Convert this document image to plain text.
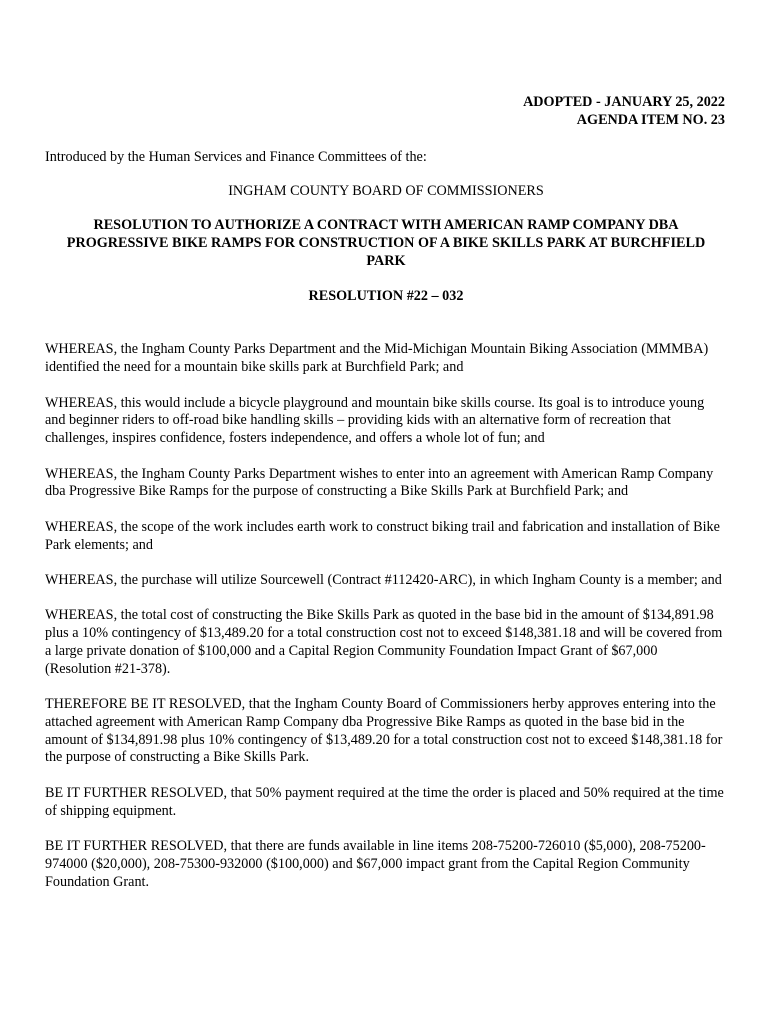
ADOPTED - JANUARY 25, 2022
AGENDA ITEM NO. 23
Introduced by the Human Services and Finance Committees of the:
INGHAM COUNTY BOARD OF COMMISSIONERS
RESOLUTION TO AUTHORIZE A CONTRACT WITH AMERICAN RAMP COMPANY DBA PROGRESSIVE BIKE RAMPS FOR CONSTRUCTION OF A BIKE SKILLS PARK AT BURCHFIELD PARK
RESOLUTION #22 – 032
WHEREAS, the Ingham County Parks Department and the Mid-Michigan Mountain Biking Association (MMMBA) identified the need for a mountain bike skills park at Burchfield Park; and
WHEREAS, this would include a bicycle playground and mountain bike skills course. Its goal is to introduce young and beginner riders to off-road bike handling skills – providing kids with an alternative form of recreation that challenges, inspires confidence, fosters independence, and offers a whole lot of fun; and
WHEREAS, the Ingham County Parks Department wishes to enter into an agreement with American Ramp Company dba Progressive Bike Ramps for the purpose of constructing a Bike Skills Park at Burchfield Park; and
WHEREAS, the scope of the work includes earth work to construct biking trail and fabrication and installation of Bike Park elements; and
WHEREAS, the purchase will utilize Sourcewell (Contract #112420-ARC), in which Ingham County is a member; and
WHEREAS, the total cost of constructing the Bike Skills Park as quoted in the base bid in the amount of $134,891.98 plus a 10% contingency of $13,489.20 for a total construction cost not to exceed $148,381.18 and will be covered from a large private donation of $100,000 and a Capital Region Community Foundation Impact Grant of $67,000 (Resolution #21-378).
THEREFORE BE IT RESOLVED, that the Ingham County Board of Commissioners herby approves entering into the attached agreement with American Ramp Company dba Progressive Bike Ramps as quoted in the base bid in the amount of $134,891.98 plus 10% contingency of $13,489.20 for a total construction cost not to exceed $148,381.18 for the purpose of constructing a Bike Skills Park.
BE IT FURTHER RESOLVED, that 50% payment required at the time the order is placed and 50% required at the time of shipping equipment.
BE IT FURTHER RESOLVED, that there are funds available in line items 208-75200-726010 ($5,000), 208-75200-974000 ($20,000), 208-75300-932000 ($100,000) and $67,000 impact grant from the Capital Region Community Foundation Grant.
